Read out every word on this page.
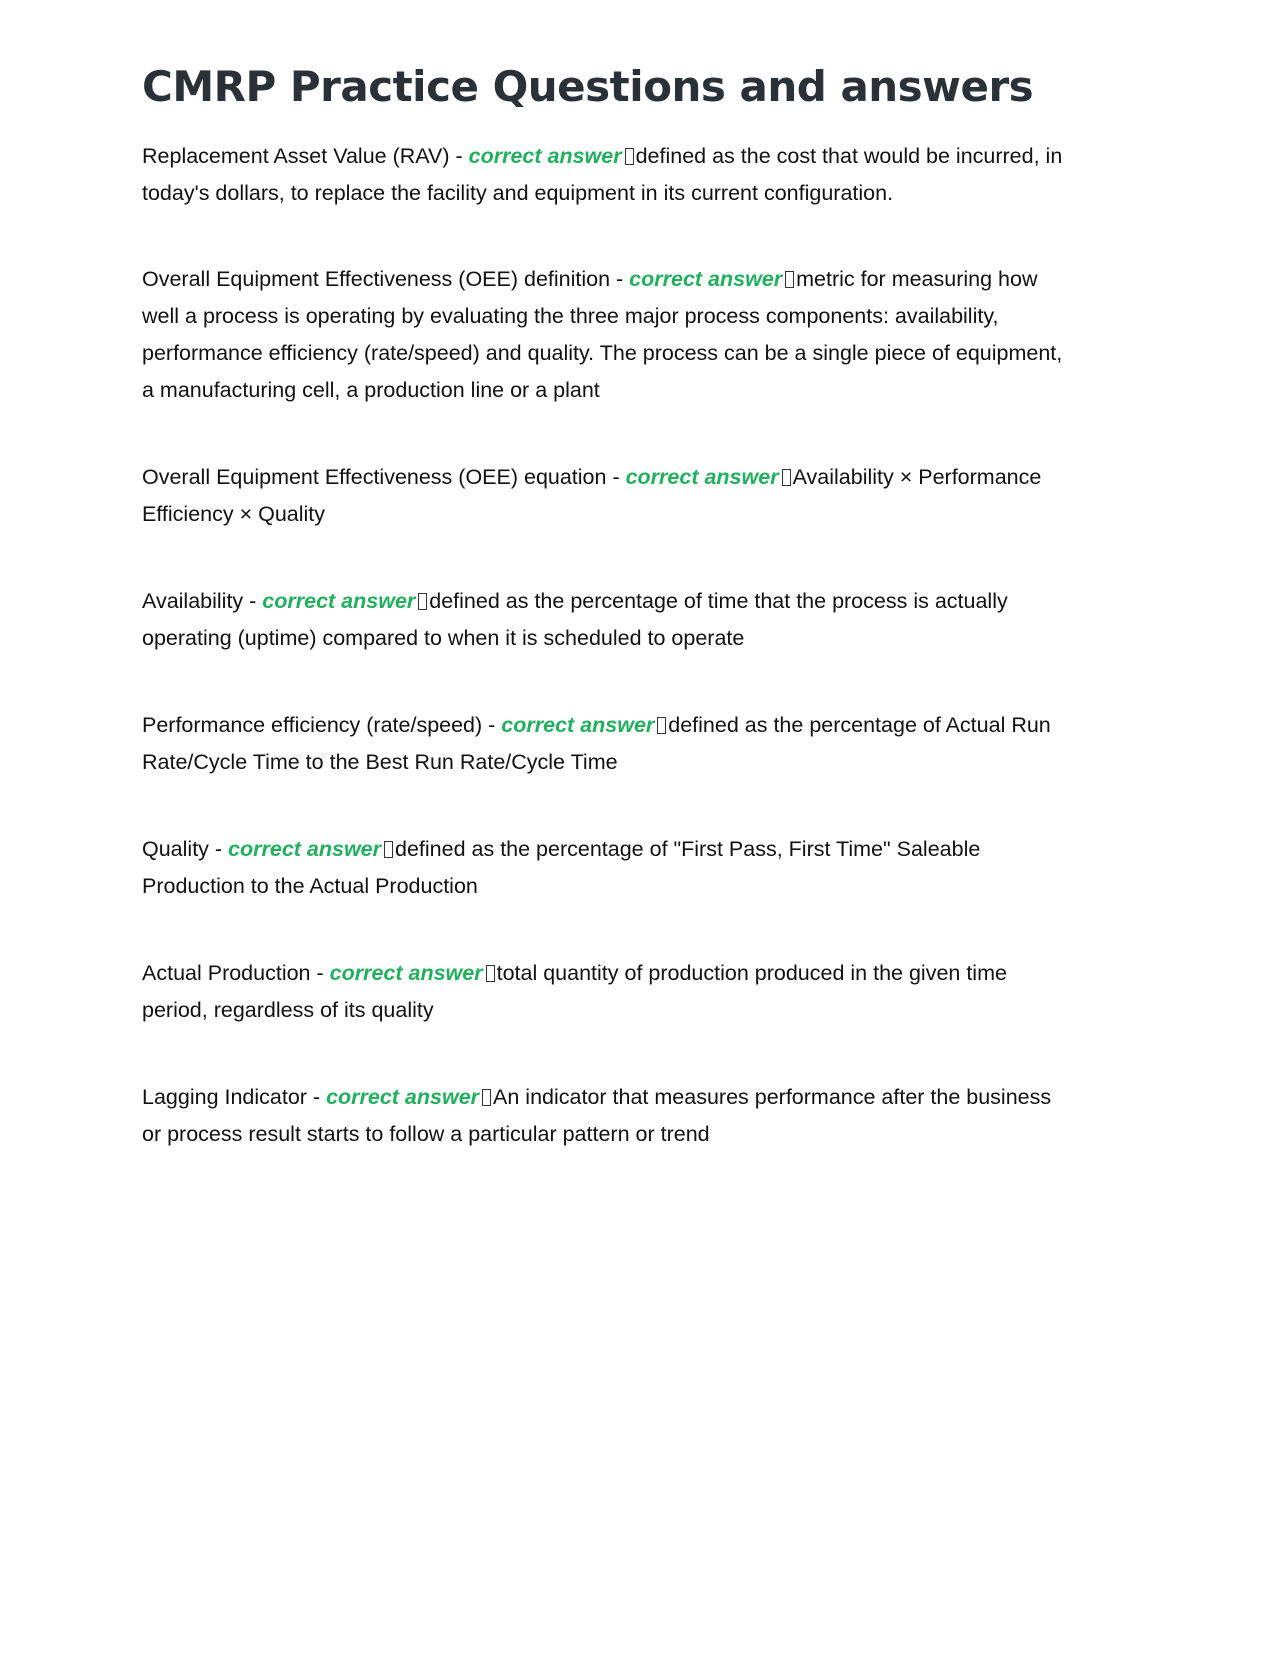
CMRP Practice Questions and answers

Replacement Asset Value (RAV) - correct answer defined as the cost that would be incurred, in today's dollars, to replace the facility and equipment in its current configuration.

Overall Equipment Effectiveness (OEE) definition - correct answer metric for measuring how well a process is operating by evaluating the three major process components: availability, performance efficiency (rate/speed) and quality. The process can be a single piece of equipment, a manufacturing cell, a production line or a plant

Overall Equipment Effectiveness (OEE) equation - correct answer Availability × Performance Efficiency × Quality

Availability - correct answer defined as the percentage of time that the process is actually operating (uptime) compared to when it is scheduled to operate

Performance efficiency (rate/speed) - correct answer defined as the percentage of Actual Run Rate/Cycle Time to the Best Run Rate/Cycle Time

Quality - correct answer defined as the percentage of "First Pass, First Time" Saleable Production to the Actual Production

Actual Production - correct answer total quantity of production produced in the given time period, regardless of its quality

Lagging Indicator - correct answer An indicator that measures performance after the business or process result starts to follow a particular pattern or trend
